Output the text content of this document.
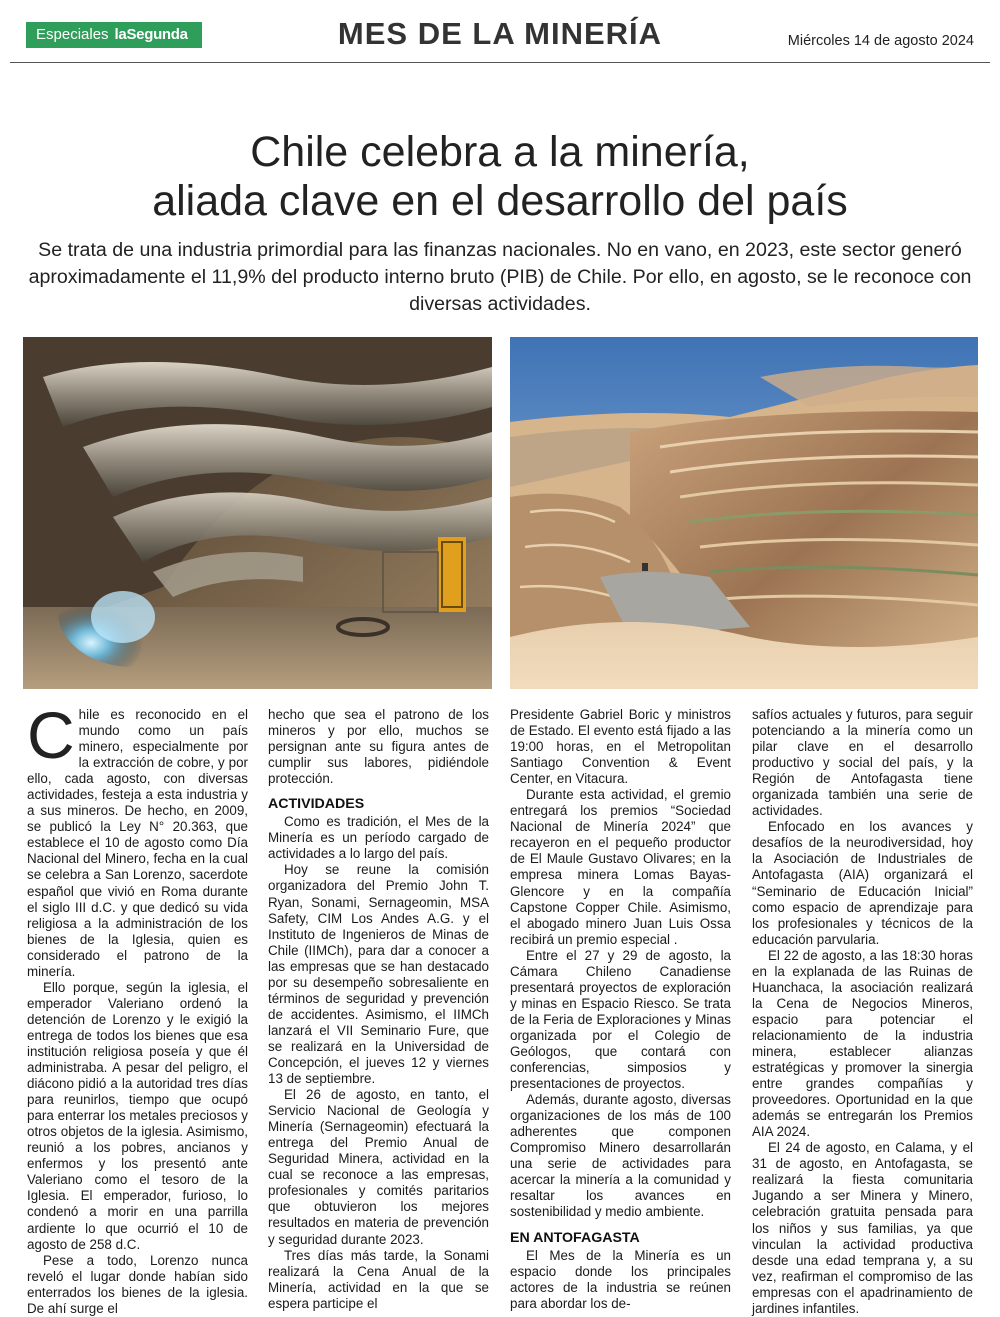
Especiales laSegunda	MES DE LA MINERÍA	Miércoles 14 de agosto 2024
Chile celebra a la minería,
aliada clave en el desarrollo del país

Se trata de una industria primordial para las finanzas nacionales. No en vano, en 2023, este sector generó aproximadamente el 11,9% del producto interno bruto (PIB) de Chile. Por ello, en agosto, se le reconoce con diversas actividades.

Chile es reconocido en el mundo como un país minero, especialmente por la extracción de cobre, y por ello, cada agosto, con diversas actividades, festeja a esta industria y a sus mineros. De hecho, en 2009, se publicó la Ley N° 20.363, que establece el 10 de agosto como Día Nacional del Minero, fecha en la cual se celebra a San Lorenzo, sacerdote español que vivió en Roma durante el siglo III d.C. y que dedicó su vida religiosa a la administración de los bienes de la Iglesia, quien es considerado el patrono de la minería.

Ello porque, según la iglesia, el emperador Valeriano ordenó la detención de Lorenzo y le exigió la entrega de todos los bienes que esa institución religiosa poseía y que él administraba. A pesar del peligro, el diácono pidió a la autoridad tres días para reunirlos, tiempo que ocupó para enterrar los metales preciosos y otros objetos de la iglesia. Asimismo, reunió a los pobres, ancianos y enfermos y los presentó ante Valeriano como el tesoro de la Iglesia. El emperador, furioso, lo condenó a morir en una parrilla ardiente lo que ocurrió el 10 de agosto de 258 d.C.

Pese a todo, Lorenzo nunca reveló el lugar donde habían sido enterrados los bienes de la iglesia. De ahí surge el

hecho que sea el patrono de los mineros y por ello, muchos se persignan ante su figura antes de cumplir sus labores, pidiéndole protección.

ACTIVIDADES

Como es tradición, el Mes de la Minería es un período cargado de actividades a lo largo del país.

Hoy se reune la comisión organizadora del Premio John T. Ryan, Sonami, Sernageomin, MSA Safety, CIM Los Andes A.G. y el Instituto de Ingenieros de Minas de Chile (IIMCh), para dar a conocer a las empresas que se han destacado por su desempeño sobresaliente en términos de seguridad y prevención de accidentes. Asimismo, el IIMCh lanzará el VII Seminario Fure, que se realizará en la Universidad de Concepción, el jueves 12 y viernes 13 de septiembre.

El 26 de agosto, en tanto, el Servicio Nacional de Geología y Minería (Sernageomin) efectuará la entrega del Premio Anual de Seguridad Minera, actividad en la cual se reconoce a las empresas, profesionales y comités paritarios que obtuvieron los mejores resultados en materia de prevención y seguridad durante 2023.

Tres días más tarde, la Sonami realizará la Cena Anual de la Minería, actividad en la que se espera participe el

Presidente Gabriel Boric y ministros de Estado. El evento está fijado a las 19:00 horas, en el Metropolitan Santiago Convention & Event Center, en Vitacura.

Durante esta actividad, el gremio entregará los premios “Sociedad Nacional de Minería 2024” que recayeron en el pequeño productor de El Maule Gustavo Olivares; en la empresa minera Lomas Bayas-Glencore y en la compañía Capstone Copper Chile. Asimismo, el abogado minero Juan Luis Ossa recibirá un premio especial .

Entre el 27 y 29 de agosto, la Cámara Chileno Canadiense presentará proyectos de exploración y minas en Espacio Riesco. Se trata de la Feria de Exploraciones y Minas organizada por el Colegio de Geólogos, que contará con conferencias, simposios y presentaciones de proyectos.

Además, durante agosto, diversas organizaciones de los más de 100 adherentes que componen Compromiso Minero desarrollarán una serie de actividades para acercar la minería a la comunidad y resaltar los avances en sostenibilidad y medio ambiente.

EN ANTOFAGASTA

El Mes de la Minería es un espacio donde los principales actores de la industria se reúnen para abordar los de-

safíos actuales y futuros, para seguir potenciando a la minería como un pilar clave en el desarrollo productivo y social del país, y la Región de Antofagasta tiene organizada también una serie de actividades.

Enfocado en los avances y desafíos de la neurodiversidad, hoy la Asociación de Industriales de Antofagasta (AIA) organizará el “Seminario de Educación Inicial” como espacio de aprendizaje para los profesionales y técnicos de la educación parvularia.

El 22 de agosto, a las 18:30 horas en la explanada de las Ruinas de Huanchaca, la asociación realizará la Cena de Negocios Mineros, espacio para potenciar el relacionamiento de la industria minera, establecer alianzas estratégicas y promover la sinergia entre grandes compañías y proveedores. Oportunidad en la que además se entregarán los Premios AIA 2024.

El 24 de agosto, en Calama, y el 31 de agosto, en Antofagasta, se realizará la fiesta comunitaria Jugando a ser Minera y Minero, celebración gratuita pensada para los niños y sus familias, ya que vinculan la actividad productiva desde una edad temprana y, a su vez, reafirman el compromiso de las empresas con el apadrinamiento de jardines infantiles.
